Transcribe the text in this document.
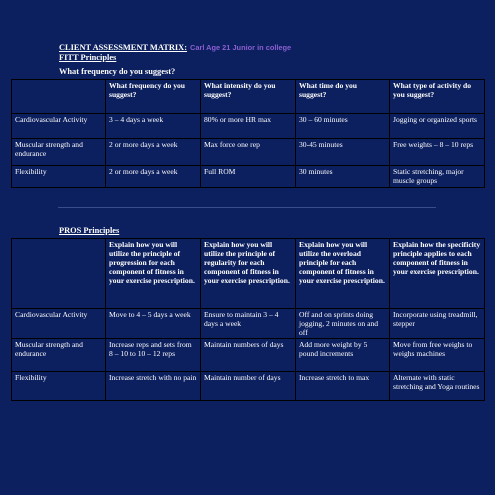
CLIENT ASSESSMENT MATRIX: Carl Age 21 Junior in college
FITT Principles
What frequency do you suggest?
	What frequency do you suggest?	What intensity do you suggest?	What time do you suggest?	What type of activity do you suggest?
Cardiovascular Activity	3 – 4 days a week	80% or more HR max	30 – 60 minutes	Jogging or organized sports
Muscular strength and endurance	2 or more days a week	Max force one rep	30-45 minutes	Free weights – 8 – 10 reps
Flexibility	2 or more days a week	Full ROM	30 minutes	Static stretching, major muscle groups
PROS Principles
	Explain how you will utilize the principle of progression for each component of fitness in your exercise prescription.	Explain how you will utilize the principle of regularity for each component of fitness in your exercise prescription.	Explain how you will utilize the overload principle for each component of fitness in your exercise prescription.	Explain how the specificity principle applies to each component of fitness in your exercise prescription.
Cardiovascular Activity	Move to 4 – 5 days a week	Ensure to maintain 3 – 4 days a week	Off and on sprints doing jogging, 2 minutes on and off	Incorporate using treadmill, stepper
Muscular strength and endurance	Increase reps and sets from 8 – 10 to 10 – 12 reps	Maintain numbers of days	Add more weight by 5 pound increments	Move from free weighs to weighs machines
Flexibility	Increase stretch with no pain	Maintain number of days	Increase stretch to max	Alternate with static stretching and Yoga routines
